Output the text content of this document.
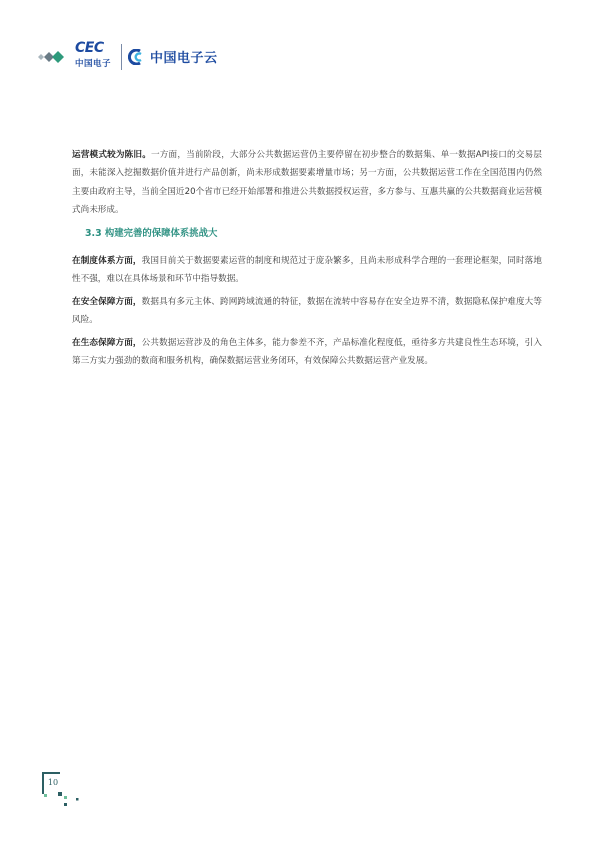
CEC
中国电子	中国电子云

运营模式较为陈旧。一方面，当前阶段，大部分公共数据运营仍主要停留在初步整合的数据集、单一数据API接口的交易层面，未能深入挖掘数据价值并进行产品创新，尚未形成数据要素增量市场；另一方面，公共数据运营工作在全国范围内仍然主要由政府主导，当前全国近20个省市已经开始部署和推进公共数据授权运营，多方参与、互惠共赢的公共数据商业运营模式尚未形成。

3.3 构建完善的保障体系挑战大

在制度体系方面，我国目前关于数据要素运营的制度和规范过于庞杂繁多，且尚未形成科学合理的一套理论框架，同时落地性不强，难以在具体场景和环节中指导数据。

在安全保障方面，数据具有多元主体、跨网跨域流通的特征，数据在流转中容易存在安全边界不清，数据隐私保护难度大等风险。

在生态保障方面，公共数据运营涉及的角色主体多，能力参差不齐，产品标准化程度低，亟待多方共建良性生态环境，引入第三方实力强劲的数商和服务机构，确保数据运营业务闭环，有效保障公共数据运营产业发展。

10
